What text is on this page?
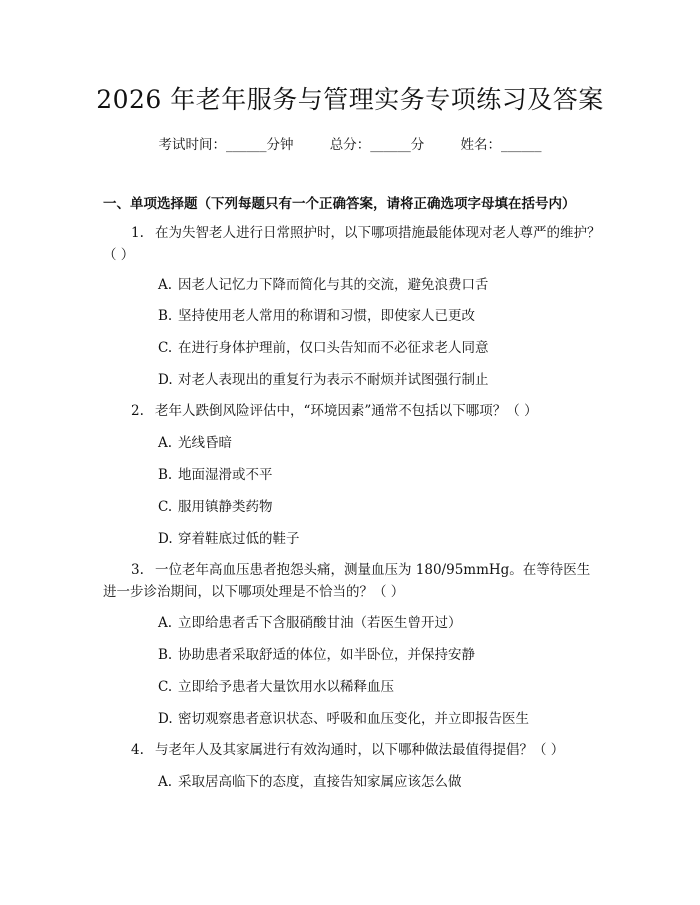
2026 年老年服务与管理实务专项练习及答案
考试时间：______分钟	总分：______分	姓名：______
一、单项选择题（下列每题只有一个正确答案，请将正确选项字母填在括号内）
1. 在为失智老人进行日常照护时，以下哪项措施最能体现对老人尊严的维护？（ ）
A. 因老人记忆力下降而简化与其的交流，避免浪费口舌
B. 坚持使用老人常用的称谓和习惯，即使家人已更改
C. 在进行身体护理前，仅口头告知而不必征求老人同意
D. 对老人表现出的重复行为表示不耐烦并试图强行制止
2. 老年人跌倒风险评估中，“环境因素”通常不包括以下哪项？（ ）
A. 光线昏暗
B. 地面湿滑或不平
C. 服用镇静类药物
D. 穿着鞋底过低的鞋子
3. 一位老年高血压患者抱怨头痛，测量血压为 180/95mmHg。在等待医生进一步诊治期间，以下哪项处理是不恰当的？（ ）
A. 立即给患者舌下含服硝酸甘油（若医生曾开过）
B. 协助患者采取舒适的体位，如半卧位，并保持安静
C. 立即给予患者大量饮用水以稀释血压
D. 密切观察患者意识状态、呼吸和血压变化，并立即报告医生
4. 与老年人及其家属进行有效沟通时，以下哪种做法最值得提倡？（ ）
A. 采取居高临下的态度，直接告知家属应该怎么做
